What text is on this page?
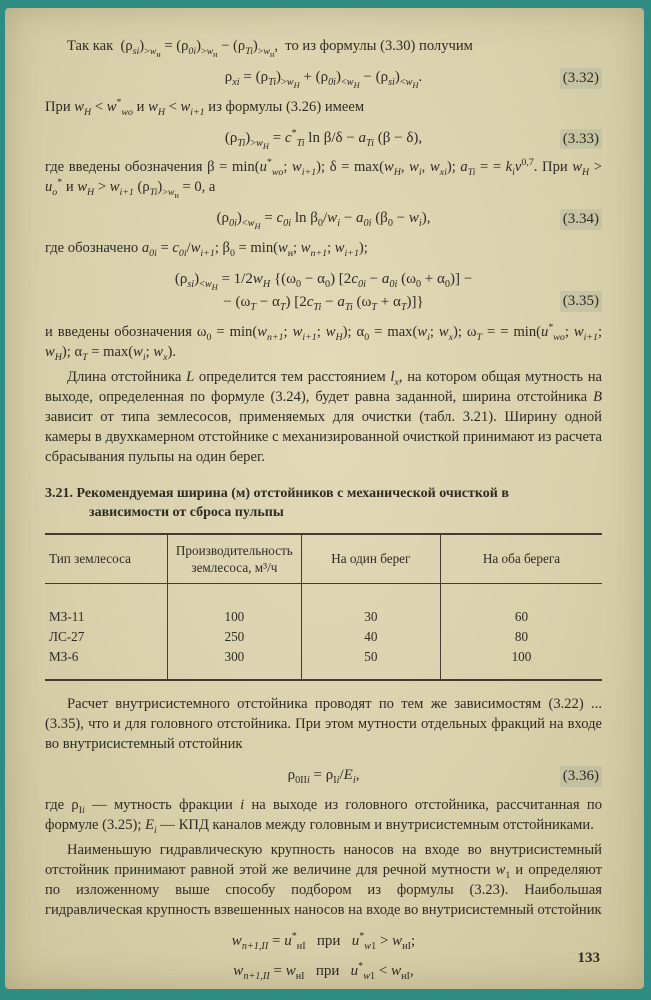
Так как  $(\rho_{si})_{>w_н} = (\rho_{0i})_{>w_н} - (\rho_{Ti})_{>w_н}$,  то из формулы (3.30) получим

$\rho_{xi} = (\rho_{Ti})_{>w_H} + (\rho_{0i})_{<w_H} - (\rho_{si})_{<w_H}$.	(3.32)

При $w_H < w^*_{wo}$ и $w_H < w_{i+1}$ из формулы (3.26) имеем

$(\rho_{Ti})_{>w_H} = c^*_{Ti}$ $\ln \beta/\delta - a_{Ti}$ (β − δ),	(3.33)

где введены обозначения $\beta = \min(u^*_{wo}$; $w_{i+1}$); $\delta = \max(w_H$, $w_i$, $w_{xi}$); $a_{Ti}$ = = $k_iv^{0,7}$. При $w_H > u_o^*$ и $w_H > w_{i+1}$ $(\rho_{Ti})_{>w_н} = 0$, а

$(\rho_{0i})_{<w_H} = c_{0i}$ $\ln \beta_0/w_i - a_{0i}$ $(\beta_0 - w_i)$,	(3.34)

где обозначено $a_{0i} = c_{0i}/w_{i+1}$; $\beta_0 = \min(w_н$; $w_{n+1}$; $w_{i+1}$);

$(\rho_{si})_{<w_H} = 1/2w_H$ {$(\omega_0 - \alpha_0) [2c_{0i} - a_{0i}$ $(\omega_0 + \alpha_0)$] −
− $(\omega_T - \alpha_T) [2c_{Ti} - a_{Ti}$ $(\omega_T + \alpha_T)$]}	(3.35)

и введены обозначения $\omega_0 = \min(w_{n+1}$; $w_{i+1}$; $w_H$); $\alpha_0 = \max(w_i$; $w_x$); $\omega_T$ = = $\min(u^*_{wo}$; $w_{i+1}$; $w_H$); $\alpha_T = \max(w_i$; $w_x$).

Длина отстойника L определится тем расстоянием $l_x$, на котором общая мутность на выходе, определенная по формуле (3.24), будет равна заданной, ширина отстойника B зависит от типа землесосов, применяемых для очистки (табл. 3.21). Ширину одной камеры в двухкамерном отстойнике с механизированной очисткой принимают из расчета сбрасывания пульпы на один берег.

3.21. Рекомендуемая ширина (м) отстойников с механической очисткой в зависимости от сброса пульпы
Тип землесоса	Производительность землесоса, м³/ч	На один берег	На оба берега
МЗ-11	100	30	60
ЛС-27	250	40	80
МЗ-6	300	50	100

Расчет внутрисистемного отстойника проводят по тем же зависимостям (3.22) ... (3.35), что и для головного отстойника. При этом мутности отдельных фракций на входе во внутрисистемный отстойник

$\rho_{0IIi} = \rho_{Ii}/E_i$,	(3.36)

где $\rho_{Ii}$ — мутность фракции i на выходе из головного отстойника, рассчитанная по формуле (3.25); $E_i$ — КПД каналов между головным и внутрисистемным отстойниками.

Наименьшую гидравлическую крупность наносов на входе во внутрисистемный отстойник принимают равной этой же величине для речной мутности $w_1$ и определяют по изложенному выше способу подбором из формулы (3.23). Наибольшая гидравлическая крупность взвешенных наносов на входе во внутрисистемный отстойник

$w_{n+1,II} = u^*_{нI}$   при   $u^*_{w1} > w_{нI}$;
$w_{n+1,II} = w_{нI}$   при   $u^*_{w1} < w_{нI}$,
133
